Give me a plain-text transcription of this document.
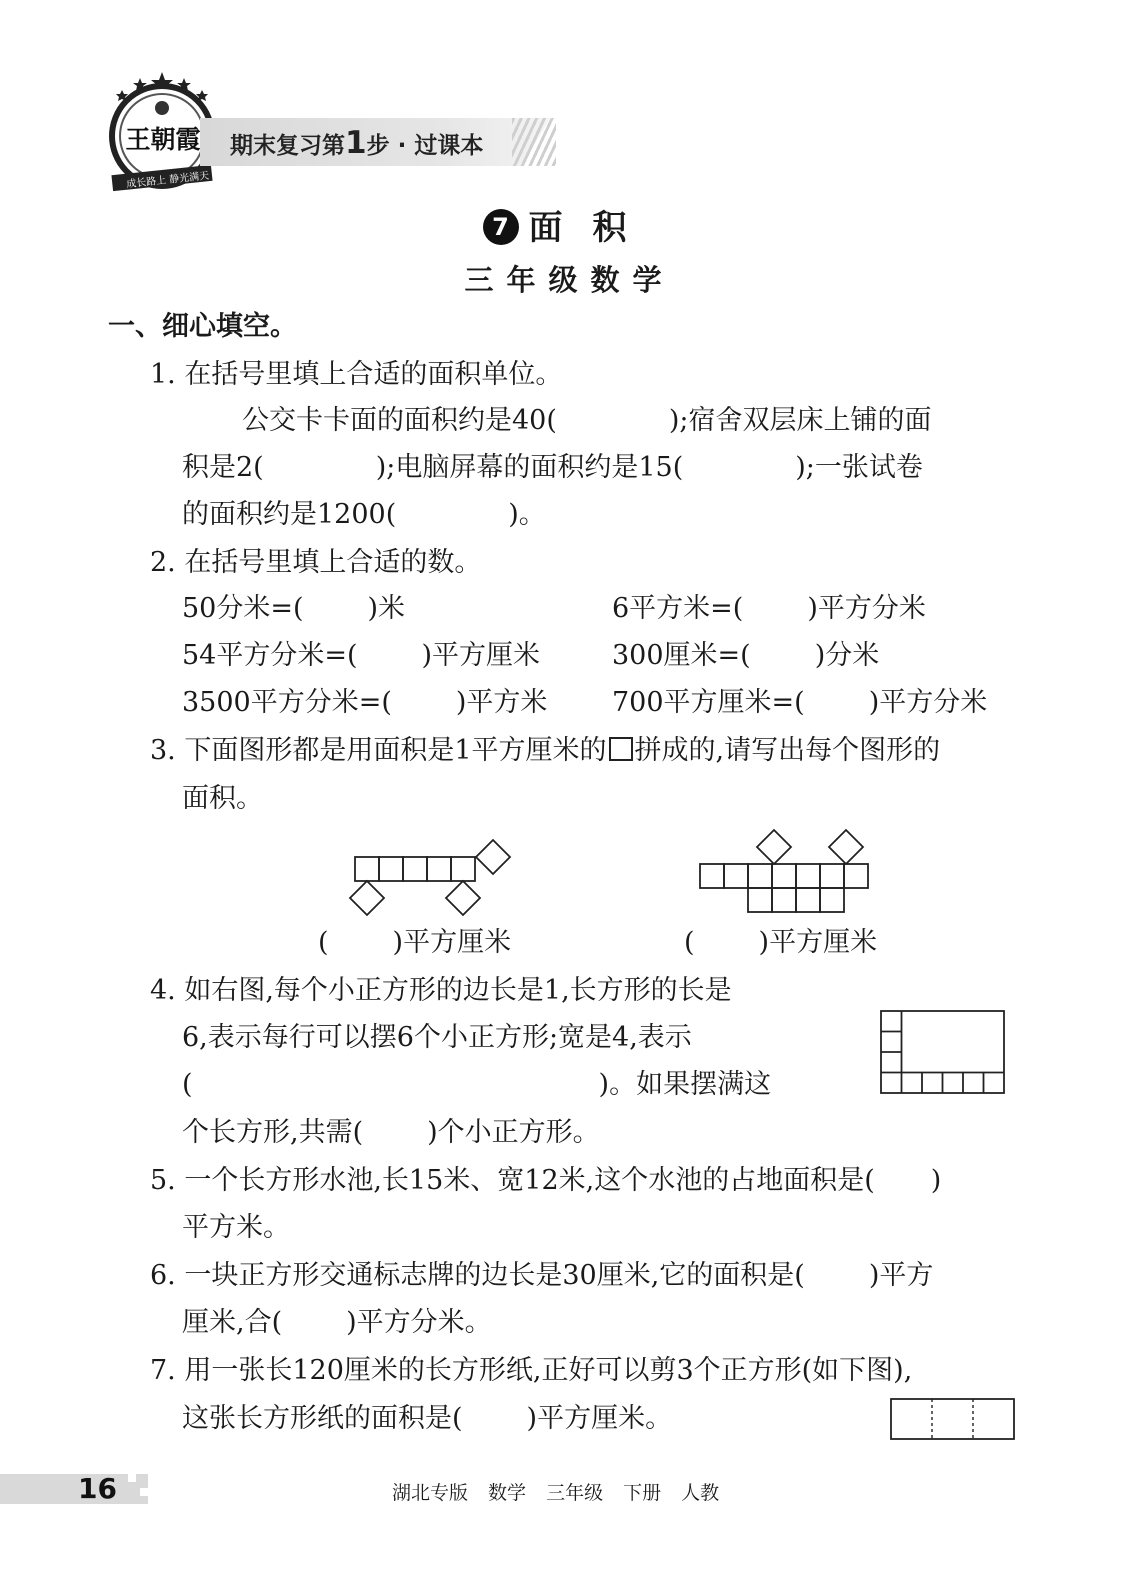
王朝霞
成长路上 静光满天
期末复习第1步 · 过课本
7 面积
三年级数学
一、细心填空。
1. 在括号里填上合适的面积单位。
公交卡卡面的面积约是40(	);宿舍双层床上铺的面
积是2(	);电脑屏幕的面积约是15(	);一张试卷
的面积约是1200(	)。
2. 在括号里填上合适的数。
50分米=( )米	6平方米=( )平方分米
54平方分米=( )平方厘米	300厘米=( )分米
3500平方分米=( )平方米 700平方厘米=( )平方分米
3. 下面图形都是用面积是1平方厘米的 拼成的,请写出每个图形的
面积。
( )平方厘米	( )平方厘米
4. 如右图,每个小正方形的边长是1,长方形的长是
6,表示每行可以摆6个小正方形;宽是4,表示
(	)。如果摆满这
个长方形,共需( )个小正方形。
5. 一个长方形水池,长15米、宽12米,这个水池的占地面积是( )
平方米。
6. 一块正方形交通标志牌的边长是30厘米,它的面积是( )平方
厘米,合( )平方分米。
7. 用一张长120厘米的长方形纸,正好可以剪3个正方形(如下图),
这张长方形纸的面积是( )平方厘米。
16	湖北专版 数学 三年级 下册 人教
